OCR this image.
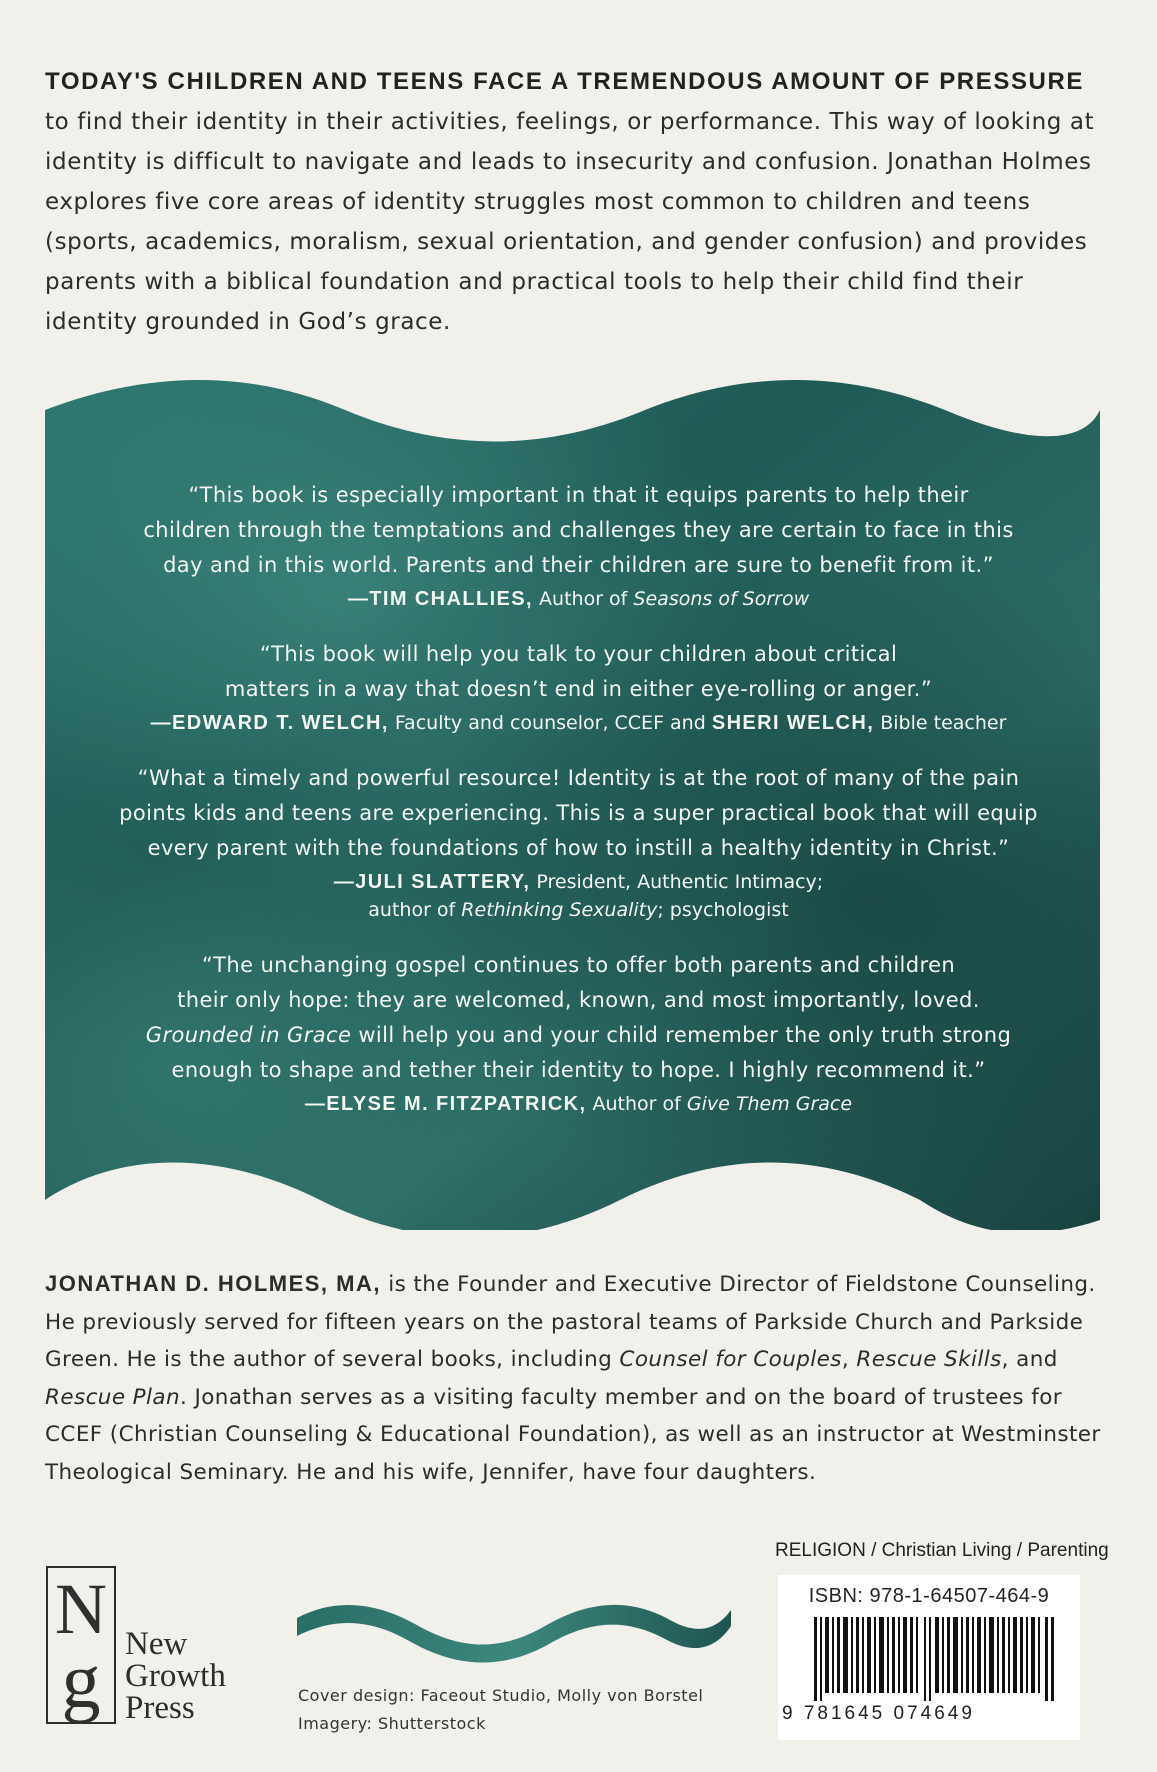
TODAY'S CHILDREN AND TEENS FACE A TREMENDOUS AMOUNT OF PRESSURE to find their identity in their activities, feelings, or performance. This way of looking at identity is difficult to navigate and leads to insecurity and confusion. Jonathan Holmes explores five core areas of identity struggles most common to children and teens (sports, academics, moralism, sexual orientation, and gender confusion) and provides parents with a biblical foundation and practical tools to help their child find their identity grounded in God’s grace.
“This book is especially important in that it equips parents to help their
children through the temptations and challenges they are certain to face in this
day and in this world. Parents and their children are sure to benefit from it.”
—TIM CHALLIES, Author of Seasons of Sorrow
“This book will help you talk to your children about critical
matters in a way that doesn’t end in either eye-rolling or anger.”
—EDWARD T. WELCH, Faculty and counselor, CCEF and SHERI WELCH, Bible teacher
“What a timely and powerful resource! Identity is at the root of many of the pain
points kids and teens are experiencing. This is a super practical book that will equip
every parent with the foundations of how to instill a healthy identity in Christ.”
—JULI SLATTERY, President, Authentic Intimacy;
author of Rethinking Sexuality; psychologist
“The unchanging gospel continues to offer both parents and children
their only hope: they are welcomed, known, and most importantly, loved.
Grounded in Grace will help you and your child remember the only truth strong
enough to shape and tether their identity to hope. I highly recommend it.”
—ELYSE M. FITZPATRICK, Author of Give Them Grace
JONATHAN D. HOLMES, MA, is the Founder and Executive Director of Fieldstone Counseling. He previously served for fifteen years on the pastoral teams of Parkside Church and Parkside Green. He is the author of several books, including Counsel for Couples, Rescue Skills, and Rescue Plan. Jonathan serves as a visiting faculty member and on the board of trustees for CCEF (Christian Counseling & Educational Foundation), as well as an instructor at Westminster Theological Seminary. He and his wife, Jennifer, have four daughters.
N
g New
Growth
Press	Cover design: Faceout Studio, Molly von Borstel
Imagery: Shutterstock
RELIGION / Christian Living / Parenting
ISBN: 978-1-64507-464-9
9 781645 074649
